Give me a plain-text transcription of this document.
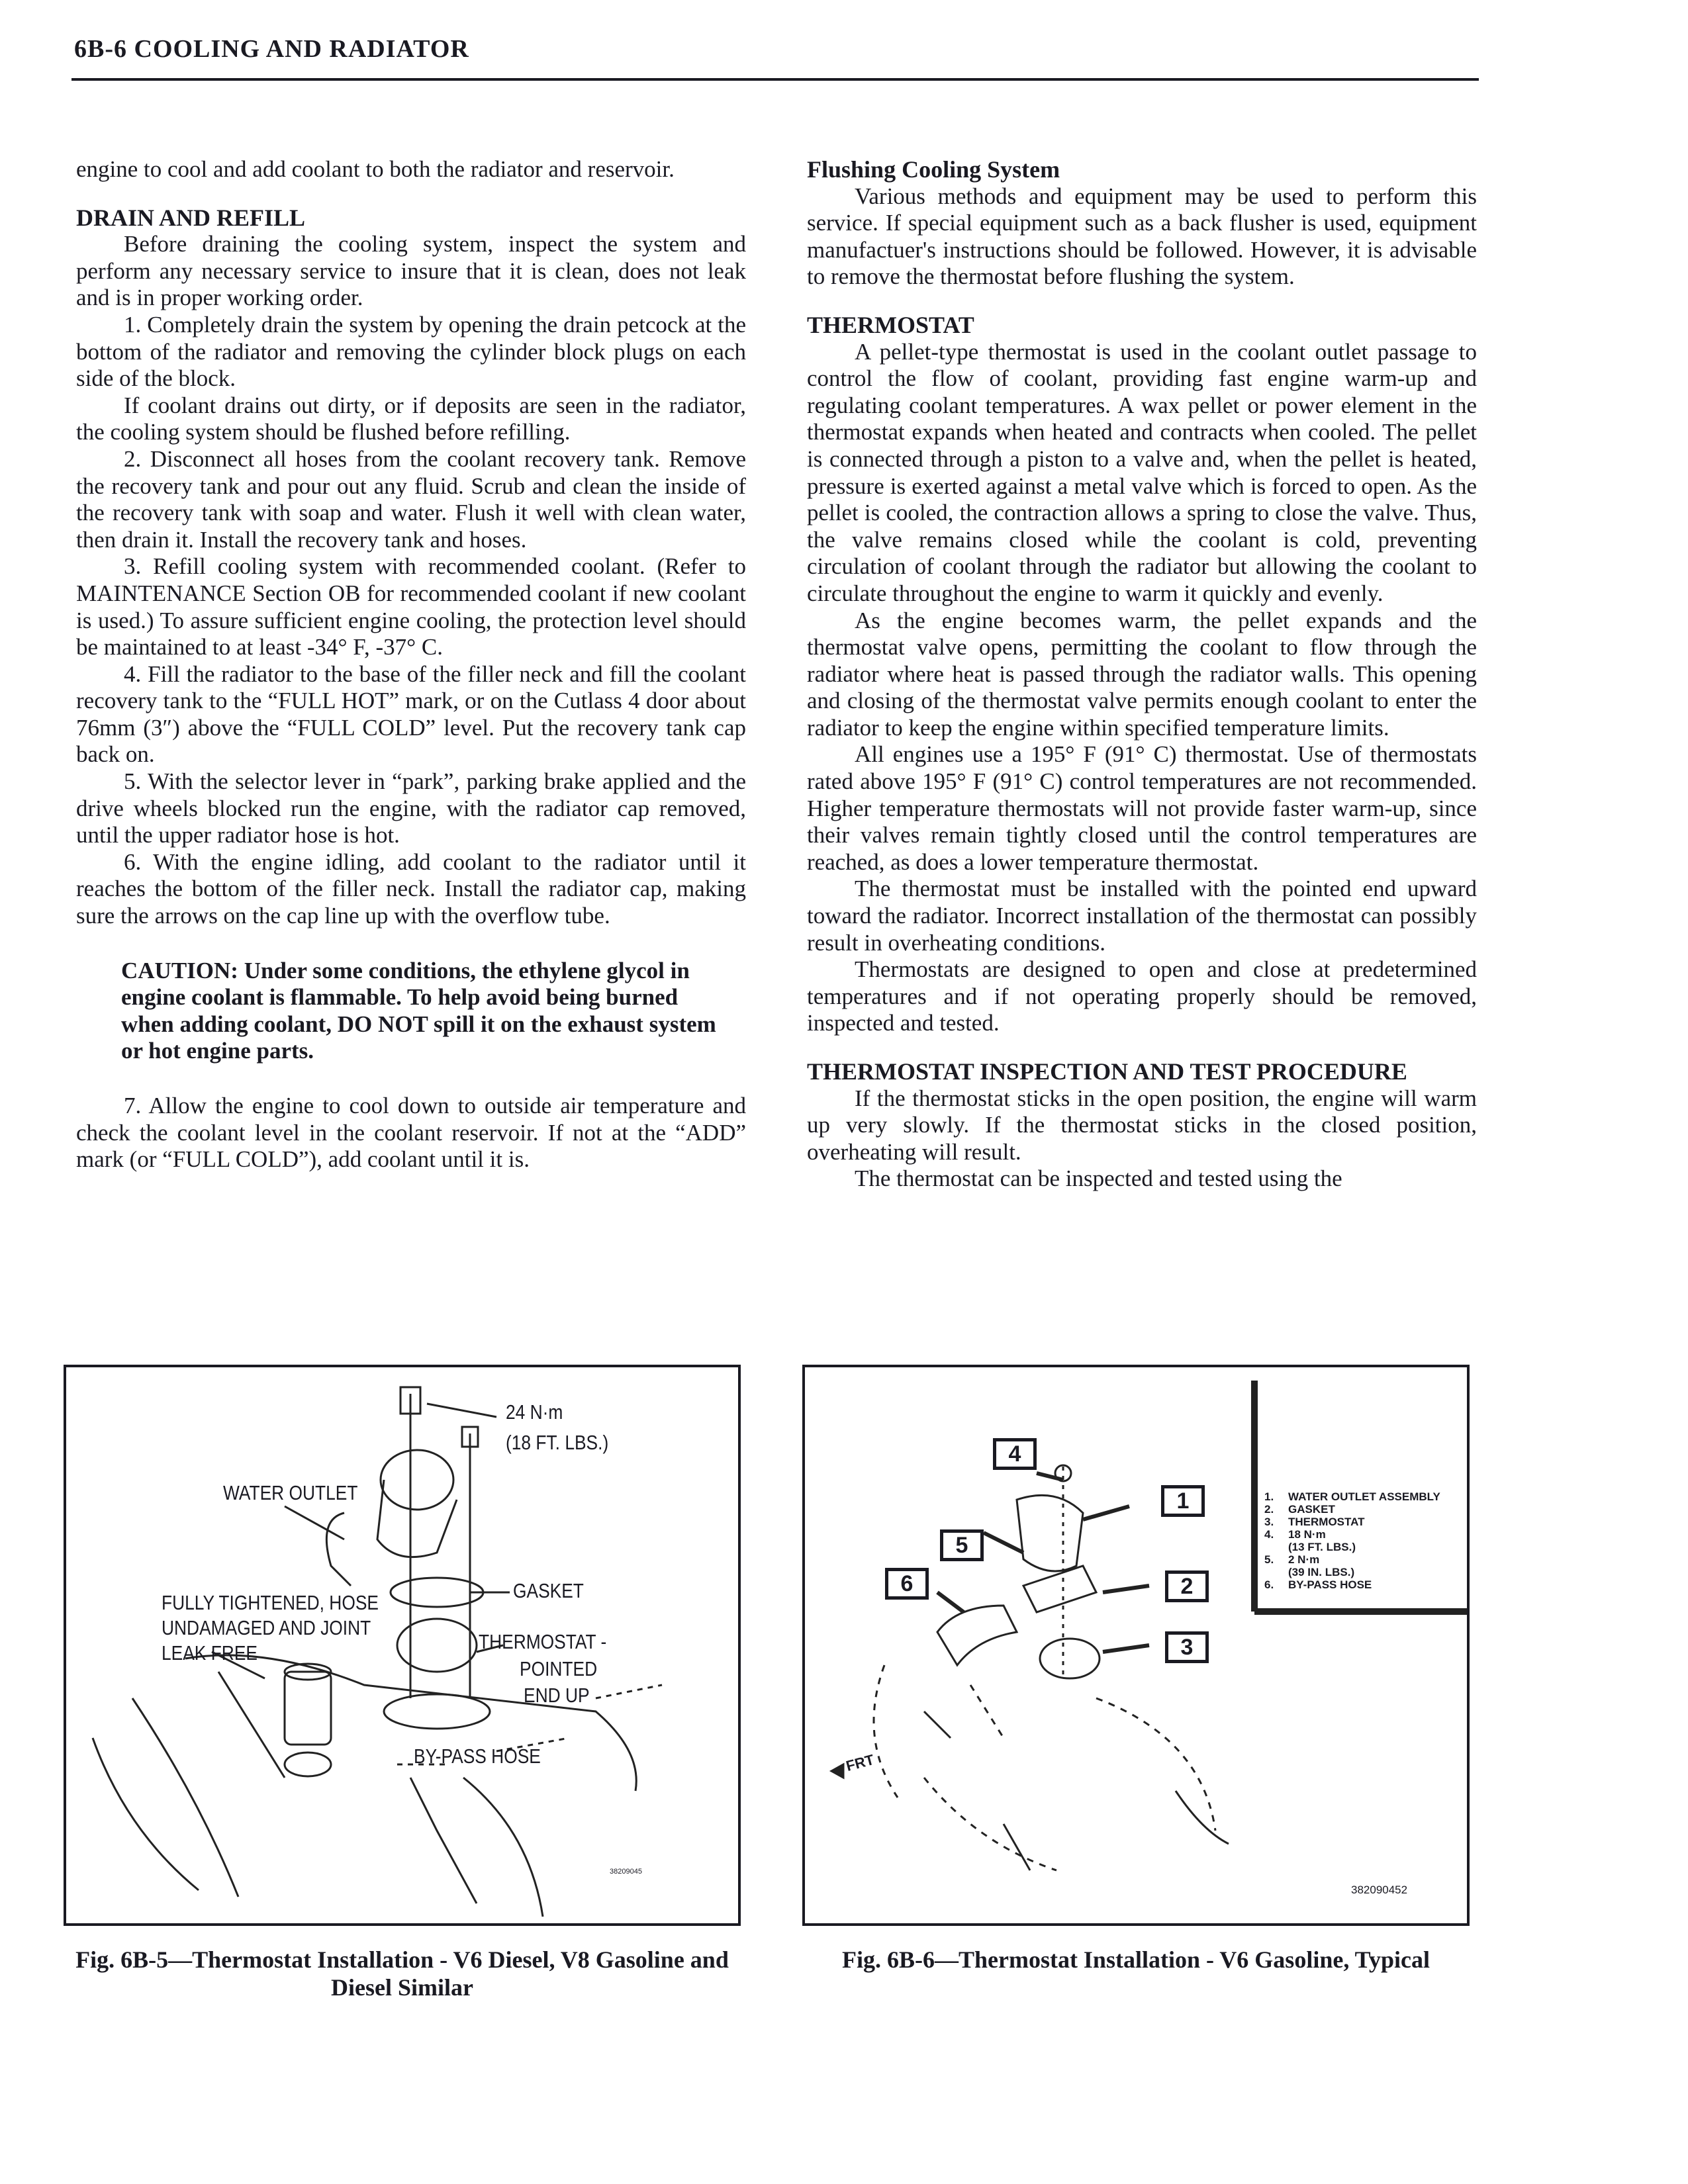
6B-6 COOLING AND RADIATOR

engine to cool and add coolant to both the radiator and reservoir.

DRAIN AND REFILL

Before draining the cooling system, inspect the system and perform any necessary service to insure that it is clean, does not leak and is in proper working order.

1. Completely drain the system by opening the drain petcock at the bottom of the radiator and removing the cylinder block plugs on each side of the block.

If coolant drains out dirty, or if deposits are seen in the radiator, the cooling system should be flushed before refilling.

2. Disconnect all hoses from the coolant recovery tank. Remove the recovery tank and pour out any fluid. Scrub and clean the inside of the recovery tank with soap and water. Flush it well with clean water, then drain it. Install the recovery tank and hoses.

3. Refill cooling system with recommended coolant. (Refer to MAINTENANCE Section OB for recommended coolant if new coolant is used.) To assure sufficient engine cooling, the protection level should be maintained to at least -34° F, -37° C.

4. Fill the radiator to the base of the filler neck and fill the coolant recovery tank to the “FULL HOT” mark, or on the Cutlass 4 door about 76mm (3″) above the “FULL COLD” level. Put the recovery tank cap back on.

5. With the selector lever in “park”, parking brake applied and the drive wheels blocked run the engine, with the radiator cap removed, until the upper radiator hose is hot.

6. With the engine idling, add coolant to the radiator until it reaches the bottom of the filler neck. Install the radiator cap, making sure the arrows on the cap line up with the overflow tube.

CAUTION: Under some conditions, the ethylene glycol in engine coolant is flammable. To help avoid being burned when adding coolant, DO NOT spill it on the exhaust system or hot engine parts.

7. Allow the engine to cool down to outside air temperature and check the coolant level in the coolant reservoir. If not at the “ADD” mark (or “FULL COLD”), add coolant until it is.

Flushing Cooling System

Various methods and equipment may be used to perform this service. If special equipment such as a back flusher is used, equipment manufactuer's instructions should be followed. However, it is advisable to remove the thermostat before flushing the system.

THERMOSTAT

A pellet-type thermostat is used in the coolant outlet passage to control the flow of coolant, providing fast engine warm-up and regulating coolant temperatures. A wax pellet or power element in the thermostat expands when heated and contracts when cooled. The pellet is connected through a piston to a valve and, when the pellet is heated, pressure is exerted against a metal valve which is forced to open. As the pellet is cooled, the contraction allows a spring to close the valve. Thus, the valve remains closed while the coolant is cold, preventing circulation of coolant through the radiator but allowing the coolant to circulate throughout the engine to warm it quickly and evenly.

As the engine becomes warm, the pellet expands and the thermostat valve opens, permitting the coolant to flow through the radiator where heat is passed through the radiator walls. This opening and closing of the thermostat valve permits enough coolant to enter the radiator to keep the engine within specified temperature limits.

All engines use a 195° F (91° C) thermostat. Use of thermostats rated above 195° F (91° C) control temperatures are not recommended. Higher temperature thermostats will not provide faster warm-up, since their valves remain tightly closed until the control temperatures are reached, as does a lower temperature thermostat.

The thermostat must be installed with the pointed end upward toward the radiator. Incorrect installation of the thermostat can possibly result in overheating conditions.

Thermostats are designed to open and close at predetermined temperatures and if not operating properly should be removed, inspected and tested.

THERMOSTAT INSPECTION AND TEST PROCEDURE

If the thermostat sticks in the open position, the engine will warm up very slowly. If the thermostat sticks in the closed position, overheating will result.

The thermostat can be inspected and tested using the

24 N·m
(18 FT. LBS.)
WATER OUTLET
GASKET
FULLY TIGHTENED, HOSE
UNDAMAGED AND JOINT
LEAK FREE	THERMOSTAT -
POINTED
END UP
BY-PASS HOSE
38209045
Fig. 6B-5—Thermostat Installation - V6 Diesel, V8 Gasoline and Diesel Similar
4
1
5
6	2
3
1. WATER OUTLET ASSEMBLY
2. GASKET
3. THERMOSTAT
4. 18 N·m
(13 FT. LBS.)
5. 2 N·m
(39 IN. LBS.)
6. BY-PASS HOSE
FRT
382090452
Fig. 6B-6—Thermostat Installation - V6 Gasoline, Typical
